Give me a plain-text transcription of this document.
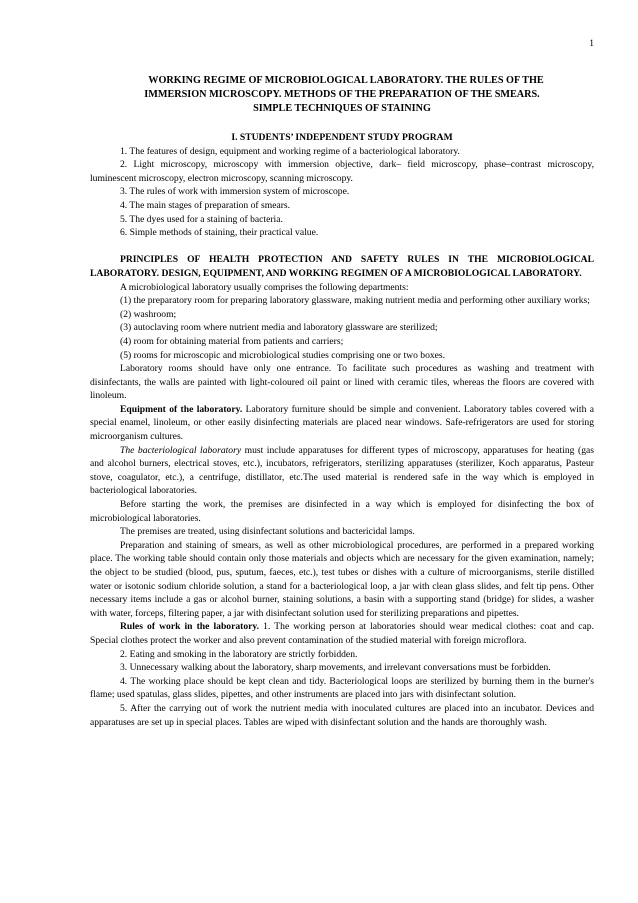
1
WORKING REGIME OF MICROBIOLOGICAL LABORATORY. THE RULES OF THE
IMMERSION MICROSCOPY. METHODS OF THE PREPARATION OF THE SMEARS.
SIMPLE TECHNIQUES OF STAINING

I. STUDENTS’ INDEPENDENT STUDY PROGRAM

1. The features of design, equipment and working regime of a bacteriological laboratory.

2. Light microscopy, microscopy with immersion objective, dark– field microscopy, phase–contrast microscopy, luminescent microscopy, electron microscopy, scanning microscopy.

3. The rules of work with immersion system of microscope.

4. The main stages of preparation of smears.

5. The dyes used for a staining of bacteria.

6. Simple methods of staining, their practical value.

PRINCIPLES OF HEALTH PROTECTION AND SAFETY RULES IN THE MICROBIOLOGICAL LABORATORY. DESIGN, EQUIPMENT, AND WORKING REGIMEN OF A MICROBIOLOGICAL LABORATORY.

A microbiological laboratory usually comprises the following departments:

(1) the preparatory room for preparing laboratory glassware, making nutrient media and performing other auxiliary works;

(2) washroom;

(3) autoclaving room where nutrient media and laboratory glassware are sterilized;

(4) room for obtaining material from patients and carriers;

(5) rooms for microscopic and microbiological studies comprising one or two boxes.

Laboratory rooms should have only one entrance. To facilitate such procedures as washing and treatment with disinfectants, the walls are painted with light-coloured oil paint or lined with ceramic tiles, whereas the floors are covered with linoleum.

Equipment of the laboratory. Laboratory furniture should be simple and convenient. Laboratory tables covered with a special enamel, linoleum, or other easily disinfecting materials are placed near windows. Safe-refrigerators are used for storing microorganism cultures.

The bacteriological laboratory must include apparatuses for different types of microscopy, apparatuses for heating (gas and alcohol burners, electrical stoves, etc.), incubators, refrigerators, sterilizing apparatuses (sterilizer, Koch apparatus, Pasteur stove, coagulator, etc.), a centrifuge, distillator, etc.The used material is rendered safe in the way which is employed in bacteriological laboratories.

Before starting the work, the premises are disinfected in a way which is employed for disinfecting the box of microbiological laboratories.

The premises are treated, using disinfectant solutions and bactericidal lamps.

Preparation and staining of smears, as well as other microbiological procedures, are performed in a prepared working place. The working table should contain only those materials and objects which are necessary for the given examination, namely; the object to be studied (blood, pus, sputum, faeces, etc.), test tubes or dishes with a culture of microorganisms, sterile distilled water or isotonic sodium chloride solution, a stand for a bacteriological loop, a jar with clean glass slides, and felt tip pens. Other necessary items include a gas or alcohol burner, staining solutions, a basin with a supporting stand (bridge) for slides, a washer with water, forceps, filtering paper, a jar with disinfectant solution used for sterilizing preparations and pipettes.

Rules of work in the laboratory. 1. The working person at laboratories should wear medical clothes: coat and cap. Special clothes protect the worker and also prevent contamination of the studied material with foreign microflora.

2. Eating and smoking in the laboratory are strictly forbidden.

3. Unnecessary walking about the laboratory, sharp movements, and irrelevant conversations must be forbidden.

4. The working place should be kept clean and tidy. Bacteriological loops are sterilized by burning them in the burner's flame; used spatulas, glass slides, pipettes, and other instruments are placed into jars with disinfectant solution.

5. After the carrying out of work the nutrient media with inoculated cultures are placed into an incubator. Devices and apparatuses are set up in special places. Tables are wiped with disinfectant solution and the hands are thoroughly wash.
